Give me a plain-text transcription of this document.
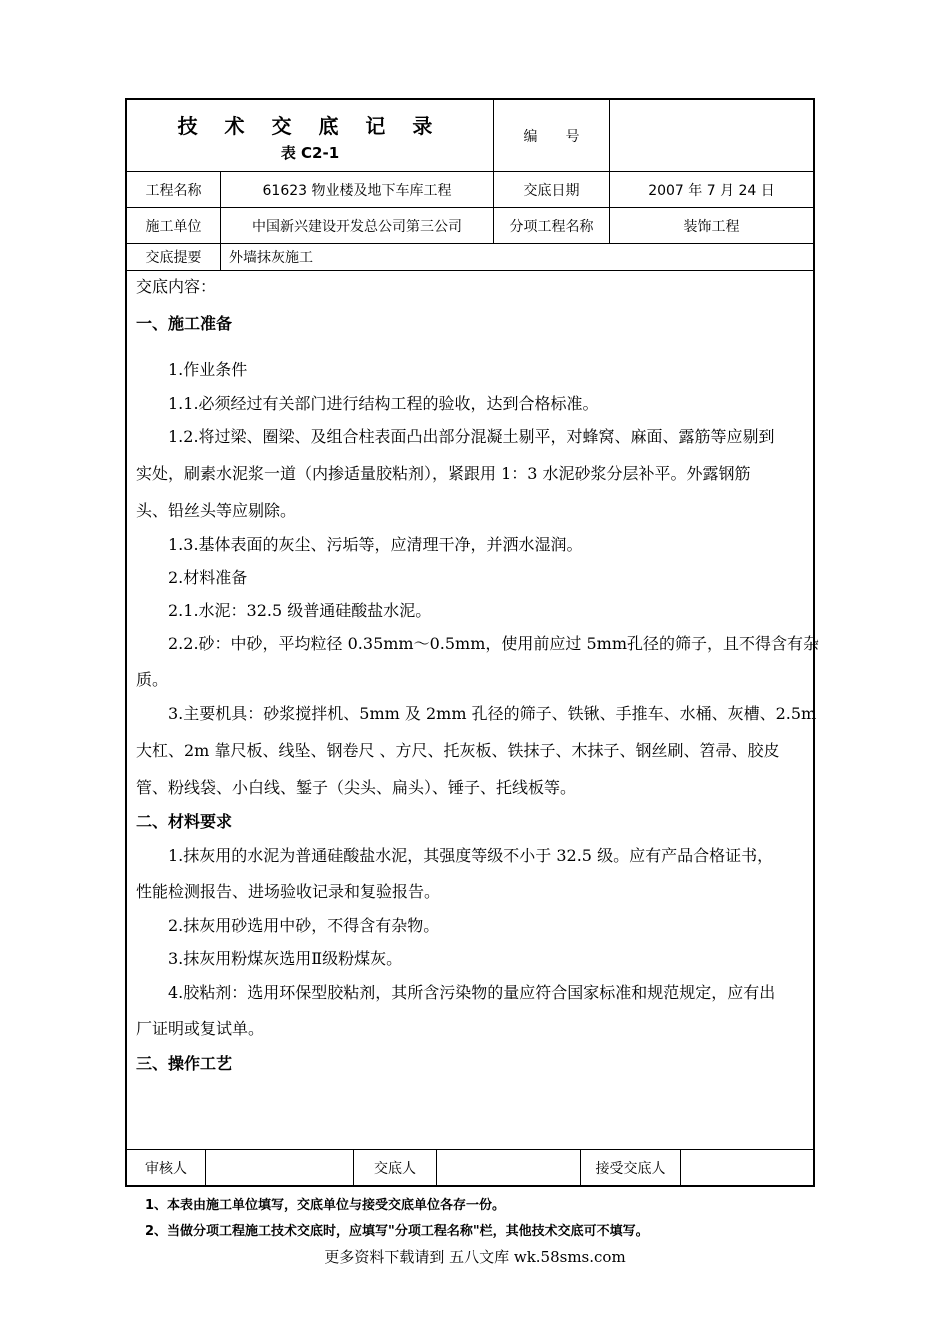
技 术 交 底 记 录
表 C2-1
编　　号
工程名称	61623 物业楼及地下车库工程	交底日期	2007 年 7 月 24 日
施工单位	中国新兴建设开发总公司第三公司	分项工程名称	装饰工程
交底提要	外墙抹灰施工
交底内容：
一、施工准备
1.作业条件
1.1.必须经过有关部门进行结构工程的验收，达到合格标准。
1.2.将过梁、圈梁、及组合柱表面凸出部分混凝土剔平，对蜂窝、麻面、露筋等应剔到
实处，刷素水泥浆一道（内掺适量胶粘剂），紧跟用 1：3 水泥砂浆分层补平。外露钢筋
头、铅丝头等应剔除。
1.3.基体表面的灰尘、污垢等，应清理干净，并洒水湿润。
2.材料准备
2.1.水泥：32.5 级普通硅酸盐水泥。
2.2.砂：中砂，平均粒径 0.35mm～0.5mm，使用前应过 5mm孔径的筛子，且不得含有杂
质。
3.主要机具：砂浆搅拌机、5mm 及 2mm 孔径的筛子、铁锹、手推车、水桶、灰槽、2.5m
大杠、2m 靠尺板、线坠、钢卷尺 、方尺、托灰板、铁抹子、木抹子、钢丝刷、笤帚、胶皮
管、粉线袋、小白线、錾子（尖头、扁头）、锤子、托线板等。
二、材料要求
1.抹灰用的水泥为普通硅酸盐水泥，其强度等级不小于 32.5 级。应有产品合格证书，
性能检测报告、进场验收记录和复验报告。
2.抹灰用砂选用中砂，不得含有杂物。
3.抹灰用粉煤灰选用Ⅱ级粉煤灰。
4.胶粘剂：选用环保型胶粘剂，其所含污染物的量应符合国家标准和规范规定，应有出
厂证明或复试单。
三、操作工艺
审核人	交底人	接受交底人
1、本表由施工单位填写，交底单位与接受交底单位各存一份。
2、当做分项工程施工技术交底时，应填写"分项工程名称"栏，其他技术交底可不填写。
更多资料下载请到 五八文库 wk.58sms.com
